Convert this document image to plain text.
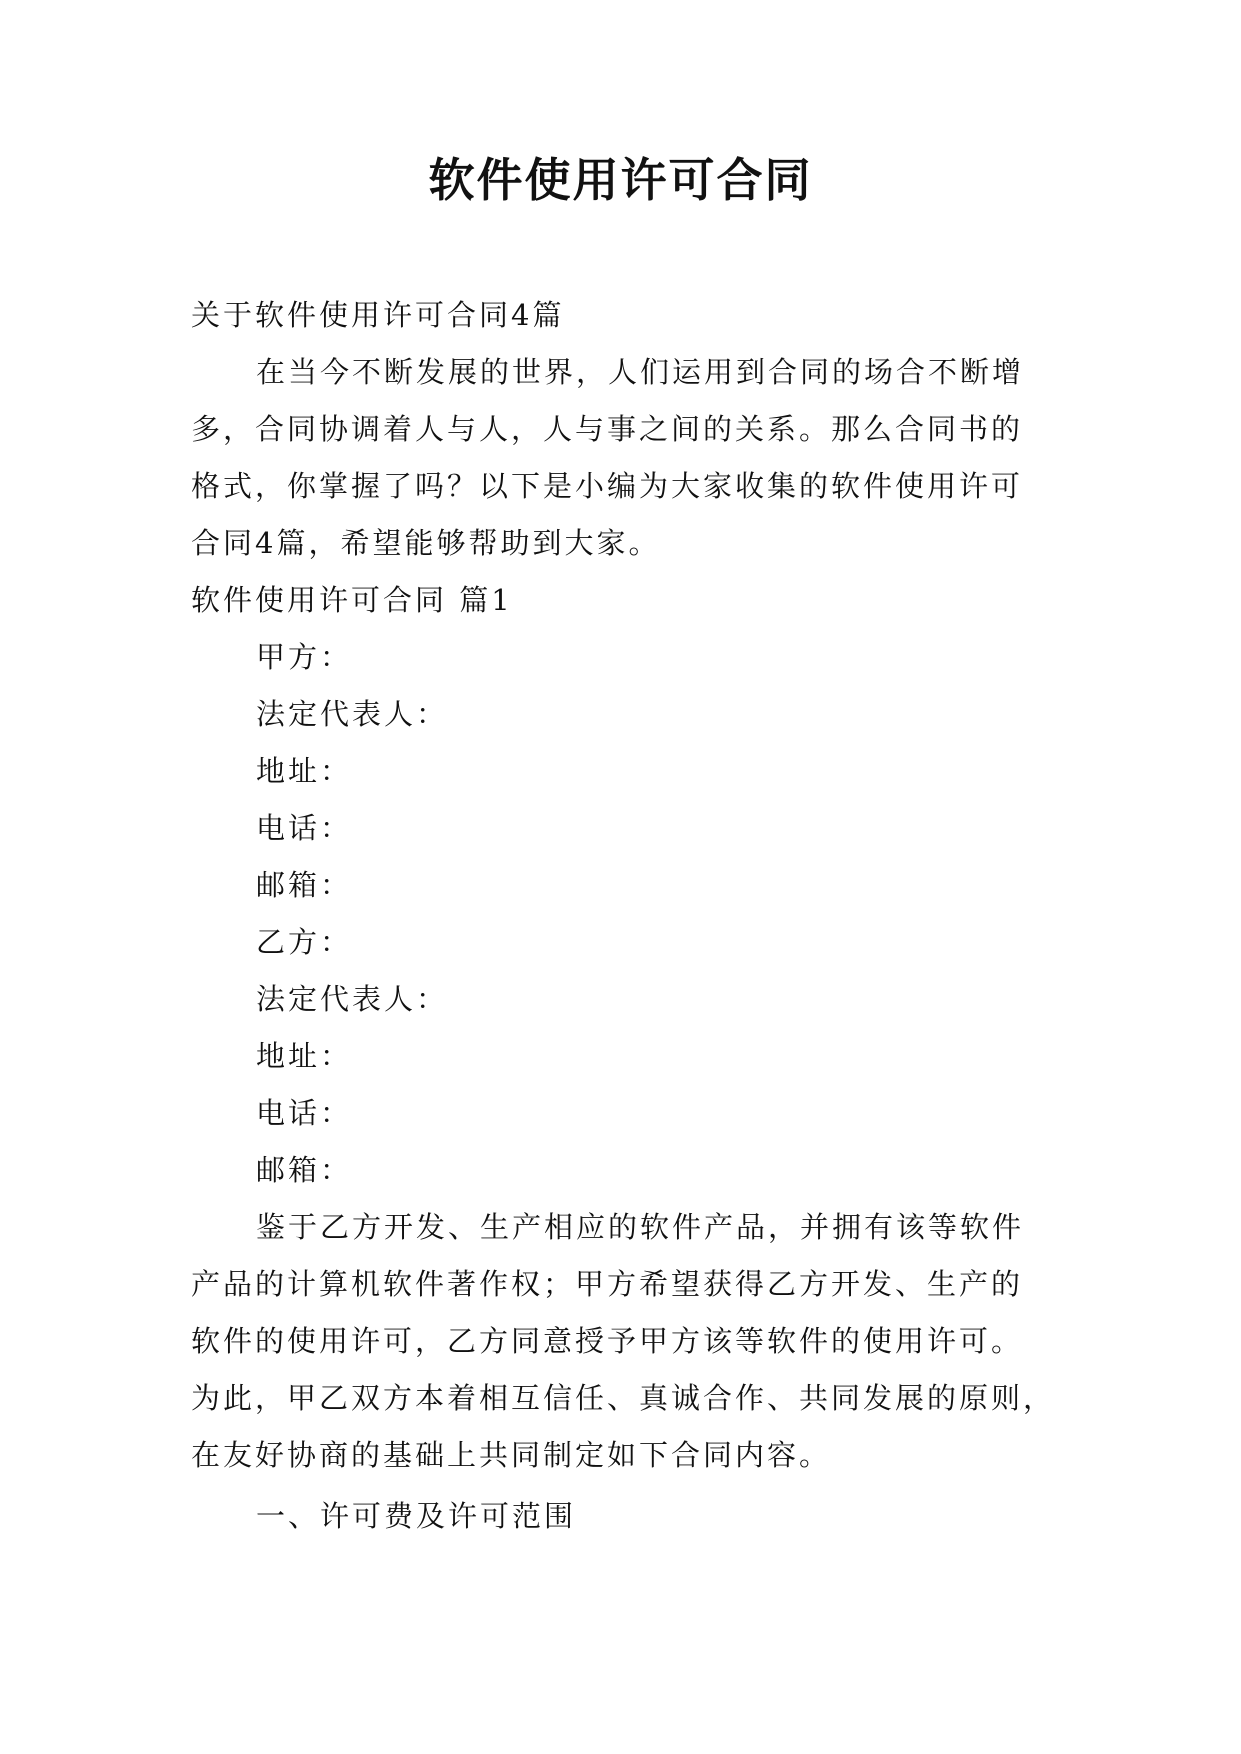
软件使用许可合同
关于软件使用许可合同4篇
在当今不断发展的世界，人们运用到合同的场合不断增
多，合同协调着人与人，人与事之间的关系。那么合同书的
格式，你掌握了吗？以下是小编为大家收集的软件使用许可
合同4篇，希望能够帮助到大家。
软件使用许可合同 篇1
甲方：
法定代表人：
地址：
电话：
邮箱：
乙方：
法定代表人：
地址：
电话：
邮箱：
鉴于乙方开发、生产相应的软件产品，并拥有该等软件
产品的计算机软件著作权；甲方希望获得乙方开发、生产的
软件的使用许可，乙方同意授予甲方该等软件的使用许可。
为此，甲乙双方本着相互信任、真诚合作、共同发展的原则，
在友好协商的基础上共同制定如下合同内容。
一、许可费及许可范围
